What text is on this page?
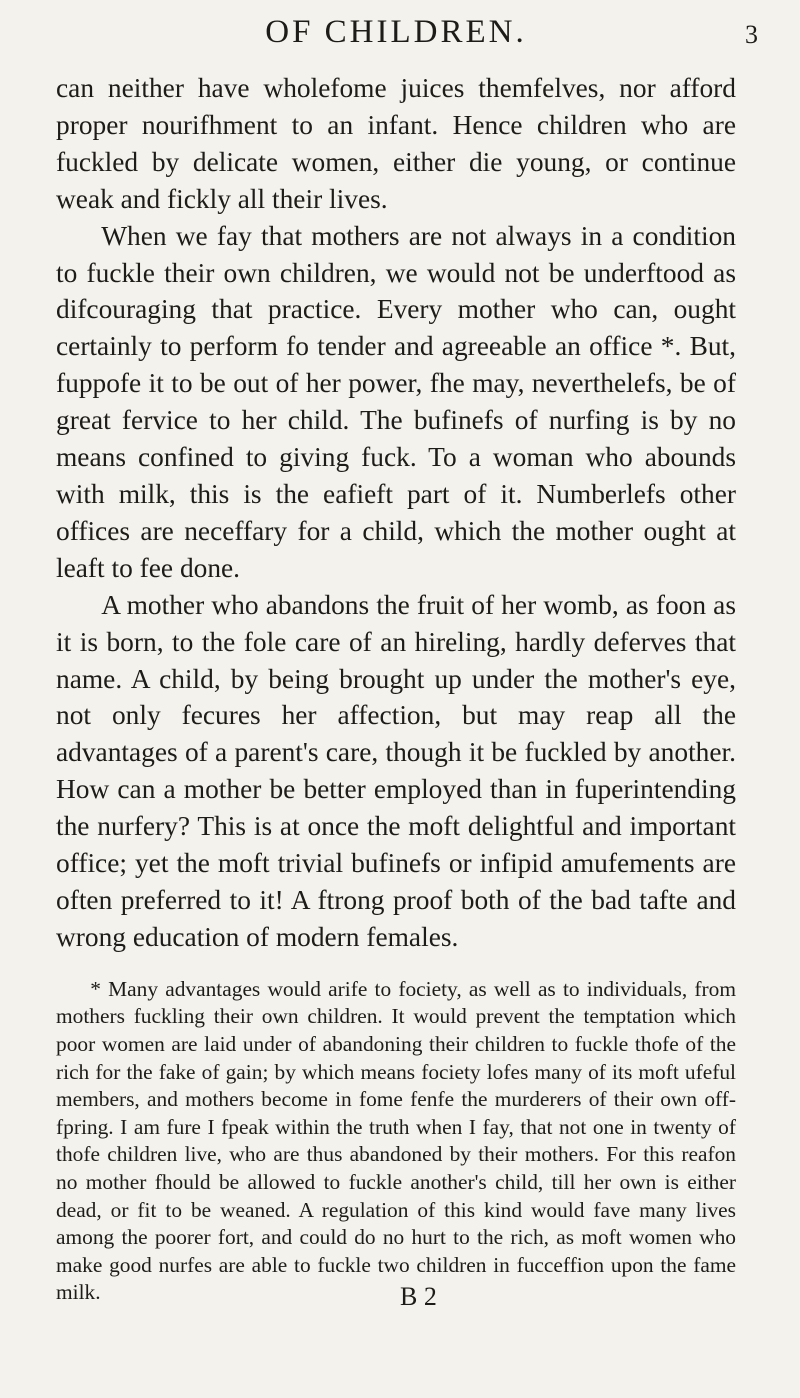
OF CHILDREN.	3

can neither have wholefome juices themfelves, nor afford proper nourifhment to an infant. Hence children who are fuckled by delicate women, either die young, or continue weak and fickly all their lives.

When we fay that mothers are not always in a condition to fuckle their own children, we would not be underftood as difcouraging that practice. Every mother who can, ought certainly to perform fo tender and agreeable an office *. But, fuppofe it to be out of her power, fhe may, neverthelefs, be of great fervice to her child. The bufinefs of nurfing is by no means confined to giving fuck. To a woman who abounds with milk, this is the eafieft part of it. Numberlefs other offices are neceffary for a child, which the mother ought at leaft to fee done.

A mother who abandons the fruit of her womb, as foon as it is born, to the fole care of an hireling, hardly deferves that name. A child, by being brought up under the mother's eye, not only fecures her affection, but may reap all the advantages of a parent's care, though it be fuckled by another. How can a mother be better employed than in fuperintending the nurfery? This is at once the moft delightful and important office; yet the moft trivial bufinefs or infipid amufements are often preferred to it! A ftrong proof both of the bad tafte and wrong education of modern females.

* Many advantages would arife to fociety, as well as to individuals, from mothers fuckling their own children. It would prevent the temptation which poor women are laid under of abandoning their children to fuckle thofe of the rich for the fake of gain; by which means fociety lofes many of its moft ufeful members, and mothers become in fome fenfe the murderers of their own off-fpring. I am fure I fpeak within the truth when I fay, that not one in twenty of thofe children live, who are thus abandoned by their mothers. For this reafon no mother fhould be allowed to fuckle another's child, till her own is either dead, or fit to be weaned. A regulation of this kind would fave many lives among the poorer fort, and could do no hurt to the rich, as moft women who make good nurfes are able to fuckle two children in fucceffion upon the fame milk.	B 2
